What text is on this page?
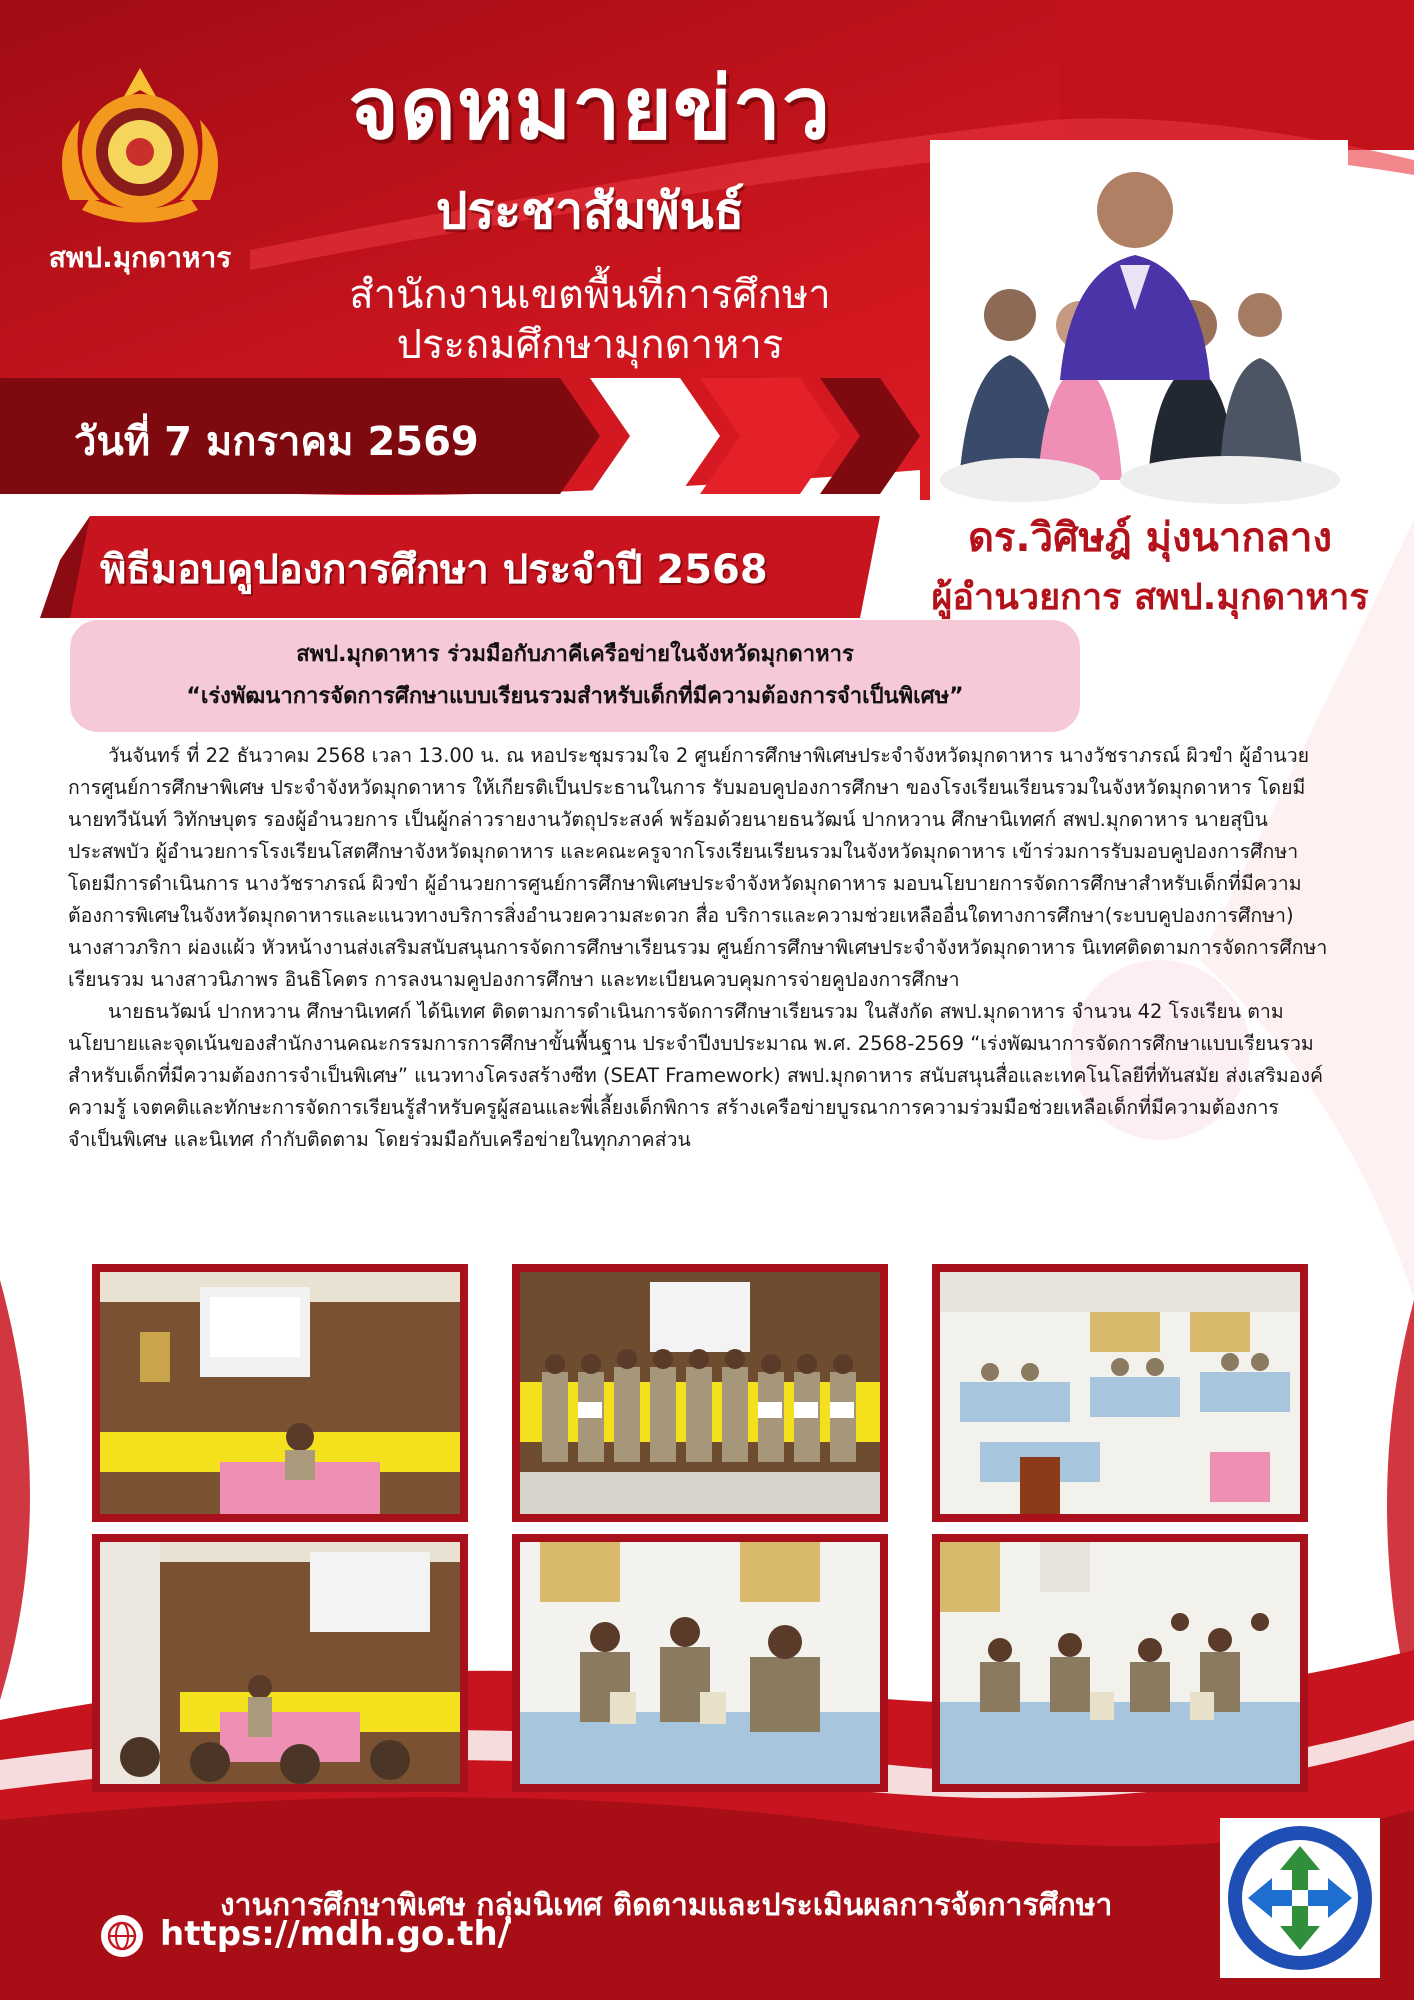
สพป.มุกดาหาร
จดหมายข่าว
ประชาสัมพันธ์
สำนักงานเขตพื้นที่การศึกษา
ประถมศึกษามุกดาหาร
วันที่ 7 มกราคม 2569
ดร.วิศิษฎ์ มุ่งนากลาง
ผู้อำนวยการ สพป.มุกดาหาร
พิธีมอบคูปองการศึกษา ประจำปี 2568
สพป.มุกดาหาร ร่วมมือกับภาคีเครือข่ายในจังหวัดมุกดาหาร
“เร่งพัฒนาการจัดการศึกษาแบบเรียนรวมสำหรับเด็กที่มีความต้องการจำเป็นพิเศษ”

วันจันทร์ ที่ 22 ธันวาคม 2568 เวลา 13.00 น. ณ หอประชุมรวมใจ 2 ศูนย์การศึกษาพิเศษประจำจังหวัดมุกดาหาร นางวัชราภรณ์ ผิวขำ ผู้อำนวยการศูนย์การศึกษาพิเศษ ประจำจังหวัดมุกดาหาร ให้เกียรติเป็นประธานในการ รับมอบคูปองการศึกษา ของโรงเรียนเรียนรวมในจังหวัดมุกดาหาร โดยมีนายทวีนันท์ วิทักษบุตร รองผู้อำนวยการ เป็นผู้กล่าวรายงานวัตถุประสงค์ พร้อมด้วยนายธนวัฒน์ ปากหวาน ศึกษานิเทศก์ สพป.มุกดาหาร นายสุบิน ประสพบัว ผู้อำนวยการโรงเรียนโสตศึกษาจังหวัดมุกดาหาร และคณะครูจากโรงเรียนเรียนรวมในจังหวัดมุกดาหาร เข้าร่วมการรับมอบคูปองการศึกษา โดยมีการดำเนินการ นางวัชราภรณ์ ผิวขำ ผู้อำนวยการศูนย์การศึกษาพิเศษประจำจังหวัดมุกดาหาร มอบนโยบายการจัดการศึกษาสำหรับเด็กที่มีความต้องการพิเศษในจังหวัดมุกดาหารและแนวทางบริการสิ่งอำนวยความสะดวก สื่อ บริการและความช่วยเหลืออื่นใดทางการศึกษา(ระบบคูปองการศึกษา) นางสาวภริกา ผ่องแผ้ว หัวหน้างานส่งเสริมสนับสนุนการจัดการศึกษาเรียนรวม ศูนย์การศึกษาพิเศษประจำจังหวัดมุกดาหาร นิเทศติดตามการจัดการศึกษาเรียนรวม นางสาวนิภาพร อินธิโคตร การลงนามคูปองการศึกษา และทะเบียนควบคุมการจ่ายคูปองการศึกษา

นายธนวัฒน์ ปากหวาน ศึกษานิเทศก์ ได้นิเทศ ติดตามการดำเนินการจัดการศึกษาเรียนรวม ในสังกัด สพป.มุกดาหาร จำนวน 42 โรงเรียน ตามนโยบายและจุดเน้นของสำนักงานคณะกรรมการการศึกษาขั้นพื้นฐาน ประจำปีงบประมาณ พ.ศ. 2568-2569 “เร่งพัฒนาการจัดการศึกษาแบบเรียนรวมสำหรับเด็กที่มีความต้องการจำเป็นพิเศษ” แนวทางโครงสร้างซีท (SEAT Framework) สพป.มุกดาหาร สนับสนุนสื่อและเทคโนโลยีที่ทันสมัย ส่งเสริมองค์ความรู้ เจตคติและทักษะการจัดการเรียนรู้สำหรับครูผู้สอนและพี่เลี้ยงเด็กพิการ สร้างเครือข่ายบูรณาการความร่วมมือช่วยเหลือเด็กที่มีความต้องการจำเป็นพิเศษ และนิเทศ กำกับติดตาม โดยร่วมมือกับเครือข่ายในทุกภาคส่วน

งานการศึกษาพิเศษ กลุ่มนิเทศ ติดตามและประเมินผลการจัดการศึกษา
https://mdh.go.th/
